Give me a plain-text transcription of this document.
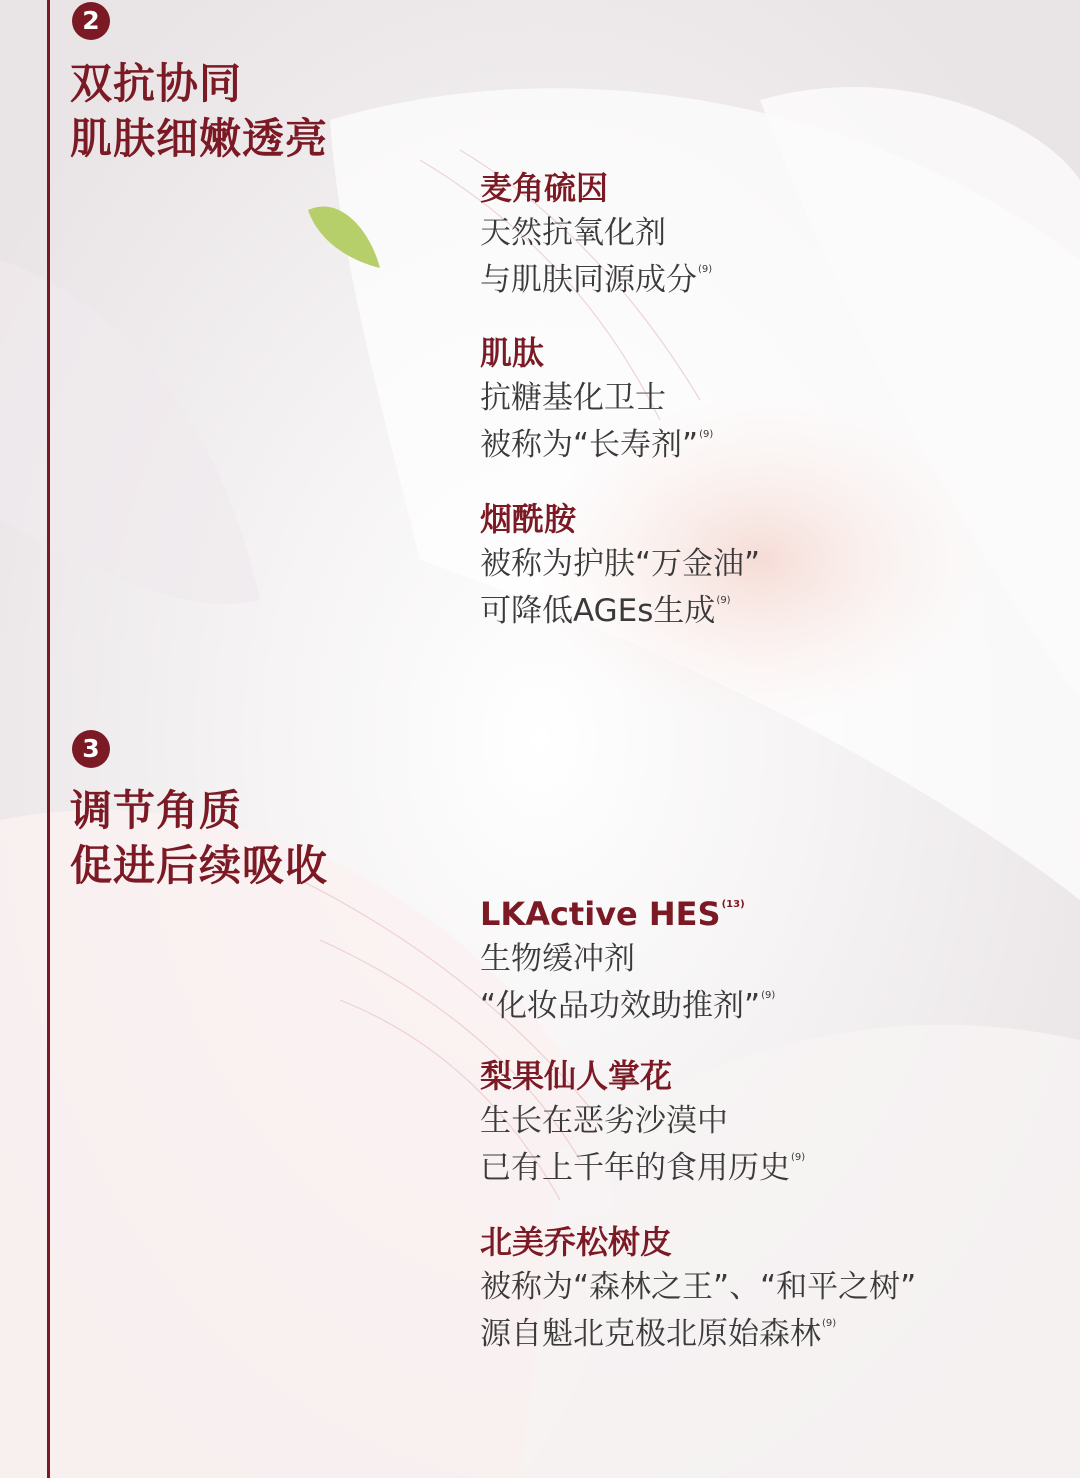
2
双抗协同
肌肤细嫩透亮
麦角硫因
天然抗氧化剂
与肌肤同源成分$^{(9)}$
肌肽
抗糖基化卫士
被称为“长寿剂”$^{(9)}$
烟酰胺
被称为护肤“万金油”
可降低AGEs生成$^{(9)}$
3
调节角质
促进后续吸收
LKActive HES$^{(13)}$
生物缓冲剂
“化妆品功效助推剂”$^{(9)}$
梨果仙人掌花
生长在恶劣沙漠中
已有上千年的食用历史$^{(9)}$
北美乔松树皮
被称为“森林之王”、“和平之树”
源自魁北克极北原始森林$^{(9)}$
